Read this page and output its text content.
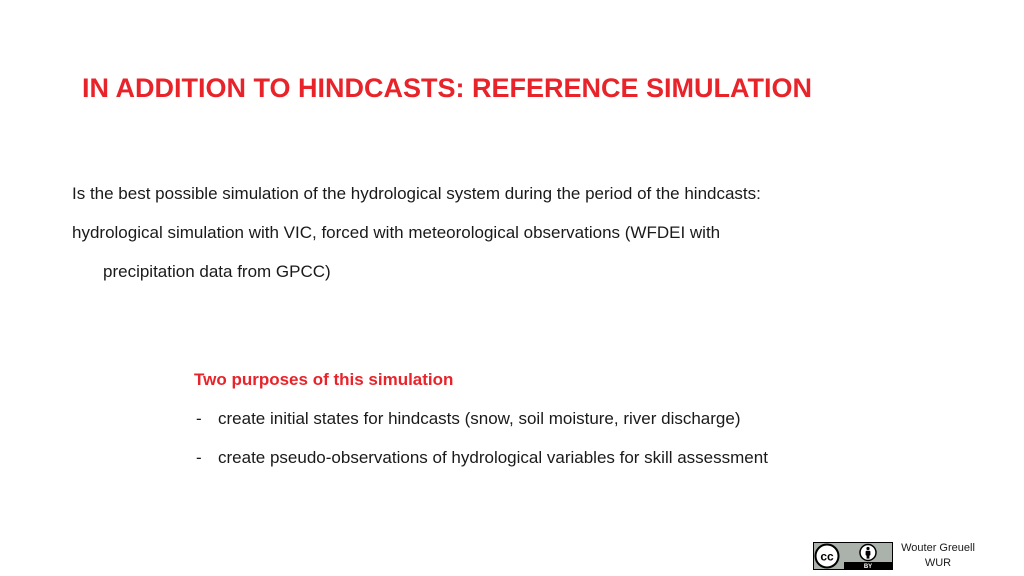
IN ADDITION TO HINDCASTS: REFERENCE SIMULATION

Is the best possible simulation of the hydrological system during the period of the hindcasts:

hydrological simulation with VIC, forced with meteorological observations (WFDEI with

precipitation data from GPCC)

Two purposes of this simulation

- create initial states for hindcasts (snow, soil moisture, river discharge)
- create pseudo-observations of hydrological variables for skill assessment
cc
BY
Wouter Greuell
WUR
